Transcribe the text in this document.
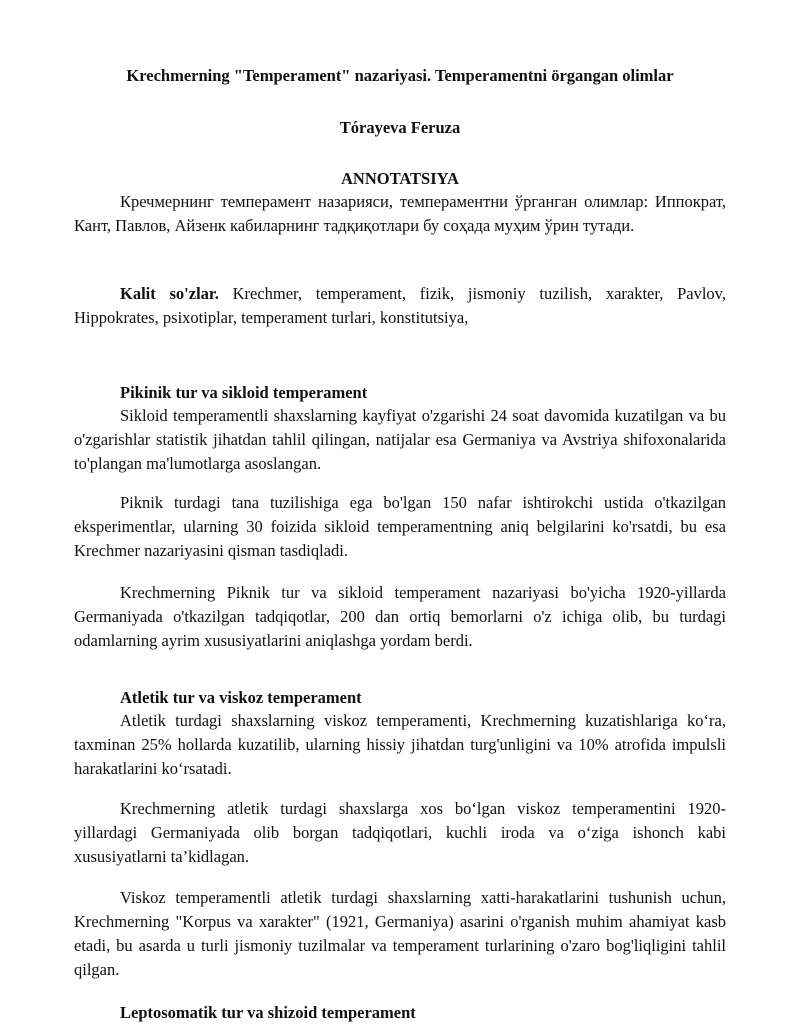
Krechmerning "Temperament" nazariyasi. Temperamentni örgangan olimlar
Tórayeva Feruza
ANNOTATSIYA

Кречмернинг темперамент назарияси, темпераментни ўрганган олимлар: Иппократ, Кант, Павлов, Айзенк кабиларнинг тадқиқотлари бу соҳада муҳим ўрин тутади.

Kalit so'zlar. Krechmer, temperament, fizik, jismoniy tuzilish, xarakter, Pavlov, Hippokrates, psixotiplar, temperament turlari, konstitutsiya,

Pikinik tur va sikloid temperament

Sikloid temperamentli shaxslarning kayfiyat o'zgarishi 24 soat davomida kuzatilgan va bu o'zgarishlar statistik jihatdan tahlil qilingan, natijalar esa Germaniya va Avstriya shifoxonalarida to'plangan ma'lumotlarga asoslangan.

Piknik turdagi tana tuzilishiga ega bo'lgan 150 nafar ishtirokchi ustida o'tkazilgan eksperimentlar, ularning 30 foizida sikloid temperamentning aniq belgilarini ko'rsatdi, bu esa Krechmer nazariyasini qisman tasdiqladi.

Krechmerning Piknik tur va sikloid temperament nazariyasi bo'yicha 1920-yillarda Germaniyada o'tkazilgan tadqiqotlar, 200 dan ortiq bemorlarni o'z ichiga olib, bu turdagi odamlarning ayrim xususiyatlarini aniqlashga yordam berdi.

Atletik tur va viskoz temperament

Atletik turdagi shaxslarning viskoz temperamenti, Krechmerning kuzatishlariga koʻra, taxminan 25% hollarda kuzatilib, ularning hissiy jihatdan turg'unligini va 10% atrofida impulsli harakatlarini koʻrsatadi.

Krechmerning atletik turdagi shaxslarga xos boʻlgan viskoz temperamentini 1920-yillardagi Germaniyada olib borgan tadqiqotlari, kuchli iroda va oʻziga ishonch kabi xususiyatlarni ta’kidlagan.

Viskoz temperamentli atletik turdagi shaxslarning xatti-harakatlarini tushunish uchun, Krechmerning "Korpus va xarakter" (1921, Germaniya) asarini o'rganish muhim ahamiyat kasb etadi, bu asarda u turli jismoniy tuzilmalar va temperament turlarining o'zaro bog'liqligini tahlil qilgan.

Leptosomatik tur va shizoid temperament
